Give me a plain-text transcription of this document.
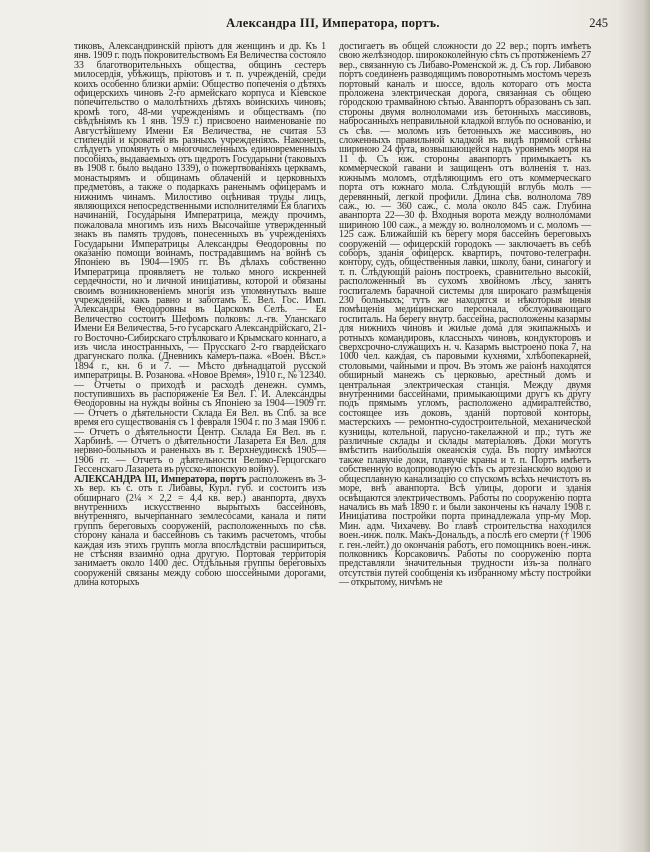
Александра III, Императора, портъ.	245

тиковъ, Александринскій пріютъ для женщинъ и др. Къ 1 янв. 1909 г. подъ покровительствомъ Ея Величества состояло 33 благотворительныхъ общества, общинъ сестеръ милосердія, убѣжищъ, пріютовъ и т. п. учрежденій, среди коихъ особенно близки арміи: Общество попеченія о дѣтяхъ офицерскихъ чиновъ 2-го армейскаго корпуса и Кіевское попечительство о малолѣтнихъ дѣтяхъ воинскихъ чиновъ; кромѣ того, 48-ми учрежденіямъ и обществамъ (по свѣдѣніямъ къ 1 янв. 19.9 г.) присвоено наименованіе по Августѣйшему Имени Ея Величества, не считая 53 стипендій и кроватей въ разныхъ учрежденіяхъ. Наконецъ, слѣдуетъ упомянуть о многочисленныхъ единовременныхъ пособіяхъ, выдаваемыхъ отъ щедротъ Государыни (таковыхъ въ 1908 г. было выдано 1339), о пожертвованіяхъ церквамъ, монастырямъ и общинамъ облаченій и церковныхъ предметовъ, а также о подаркахъ раненымъ офицерамъ и нижнимъ чинамъ. Милостиво оцѣнивая труды лицъ, являющихся непосредственными исполнителями Ея благихъ начинаній, Государыня Императрица, между прочимъ, пожаловала многимъ изъ нихъ Высочайше утвержденный знакъ въ память трудовъ, понесенныхъ въ учрежденіяхъ Государыни Императрицы Александры Ѳеодоровны по оказанію помощи воинамъ, пострадавшимъ на войнѣ съ Японіею въ 1904—1905 гг. Въ дѣлахъ собственно Императрица проявляетъ не только много искренней сердечности, но и личной иниціативы, которой и обязаны своимъ возникновеніемъ многія изъ упомянутыхъ выше учрежденій, какъ равно и заботамъ Е. Вел. Гос. Имп. Александры Ѳеодоровны въ Царскомъ Селѣ. — Ея Величество состоитъ Шефомъ полковъ: л.-гв. Уланскаго Имени Ея Величества, 5-го гусарскаго Александрійскаго, 21-го Восточно-Сибирскаго стрѣлковаго и Крымскаго коннаго, а изъ числа иностранныхъ, — Прусскаго 2-го гвардейскаго драгунскаго полка. (Дневникъ камеръ-пажа. «Воен. Вѣст.» 1894 г., кн. 6 и 7. — Мѣсто двѣнадцатой русской императрицы. В. Розанова. «Новое Время», 1910 г., № 12340. — Отчеты о приходѣ и расходѣ денежн. суммъ, поступившихъ въ распоряженіе Ея Вел. Г. И. Александры Ѳеодоровны на нужды войны съ Японіею за 1904—1909 гг. — Отчетъ о дѣятельности Склада Ея Вел. въ Спб. за все время его существованія съ 1 февраля 1904 г. по 3 мая 1906 г. — Отчетъ о дѣятельности Центр. Склада Ея Вел. въ г. Харбинѣ. — Отчетъ о дѣятельности Лазарета Ея Вел. для нервно-больныхъ и раненыхъ въ г. Верхнеудинскѣ 1905—1906 гг. — Отчетъ о дѣятельности Велико-Герцогскаго Гессенскаго Лазарета въ русско-японскую войну).

АЛЕКСАНДРА III, Императора, портъ расположенъ въ 3-хъ вер. къ с. отъ г. Либавы, Курл. губ. и состоитъ изъ обширнаго (2¼ × 2,2 = 4,4 кв. вер.) аванпорта, двухъ внутреннихъ искусственно вырытыхъ бассейновъ, внутренняго, вычерпаннаго землесосами, канала и пяти группъ береговыхъ сооруженій, расположенныхъ по сѣв. сторону канала и бассейновъ съ такимъ расчетомъ, чтобы каждая изъ этихъ группъ могла впослѣдствіи расшириться, не стѣсняя взаимно одна другую. Портовая территорія занимаетъ около 1400 дес. Отдѣльныя группы береговыхъ сооруженій связаны между собою шоссейными дорогами, длина которыхъ

достигаетъ въ общей сложности до 22 вер.; портъ имѣетъ свою желѣзнодор. ширококолейную сѣть съ протяженіемъ 27 вер., связанную съ Либаво-Роменской ж. д. Съ гор. Либавою портъ соединенъ разводящимъ поворотнымъ мостомъ черезъ портовый каналъ и шоссе, вдоль котораго отъ моста проложена электрическая дорога, связанная съ общею городскою трамвайною сѣтью. Аванпортъ образованъ съ зап. стороны двумя волноломами изъ бетонныхъ массивовъ, набросанныхъ неправильной кладкой вглубь по основанію, и съ сѣв. — моломъ изъ бетонныхъ же массивовъ, но сложенныхъ правильной кладкой въ видѣ прямой стѣны шириною 24 фута, возвышающейся надъ уровнемъ моря на 11 ф. Съ юж. стороны аванпортъ примыкаетъ къ коммерческой гавани и защищенъ отъ волненія т. наз. южнымъ моломъ, отдѣляющимъ его отъ коммерческаго порта отъ южнаго мола. Слѣдующій вглубь молъ — деревянный, легкой профили. Длина сѣв. волнолома 789 саж., ю. — 360 саж., с. мола около 845 саж. Глубина аванпорта 22—30 ф. Входныя ворота между волноломами шириною 100 саж., а между ю. волноломомъ и с. моломъ — 125 саж. Ближайшій къ берегу моря бассейнъ береговыхъ сооруженій — офицерскій городокъ — заключаетъ въ себѣ соборъ, зданія офицерск. квартиръ, почтово-телеграфн. контору, судъ, общественныя лавки, школу, бани, синагогу и т. п. Слѣдующій раіонъ построекъ, сравнительно высокій, расположенный въ сухомъ хвойномъ лѣсу, занятъ госпиталемъ барачной системы для широкаго размѣщенія 230 больныхъ; тутъ же находятся и нѣкоторыя иныя помѣщенія медицинскаго персонала, обслуживающаго госпиталь. На берегу внутр. бассейна, расположены казармы для нижнихъ чиновъ и жилые дома для экипажныхъ и ротныхъ командировъ, классныхъ чиновъ, кондукторовъ и сверхсрочно-служащихъ н. ч. Казармъ выстроено пока 7, на 1000 чел. каждая, съ паровыми кухнями, хлѣбопекарней, столовыми, чайными и проч. Въ этомъ же раіонѣ находятся обширный манежъ съ церковью, арестный домъ и центральная электрическая станція. Между двумя внутренними бассейнами, примыкающими другъ къ другу подъ прямымъ угломъ, расположено адмиралтейство, состоящее изъ доковъ, зданій портовой конторы, мастерскихъ — ремонтно-судостроительной, механической кузницы, котельной, парусно-такелажной и пр.; тутъ же различные склады и склады матеріаловъ. Доки могутъ вмѣстить наибольшія океанскія суда. Въ порту имѣются также плавучіе доки, плавучіе краны и т. п. Портъ имѣетъ собственную водопроводную сѣть съ артезіанскою водою и общесплавную канализацію со спускомъ всѣхъ нечистотъ въ море, внѣ аванпорта. Всѣ улицы, дороги и зданія освѣщаются электричествомъ. Работы по сооруженію порта начались въ маѣ 1890 г. и были закончены къ началу 1908 г. Иниціатива постройки порта принадлежала упр-му Мор. Мин. адм. Чихачеву. Во главѣ строительства находился воен.-инж. полк. Макъ-Дональдъ, а послѣ его смерти († 1906 г. ген.-лейт.) до окончанія работъ, его помощникъ воен.-инж. полковникъ Корсаковичъ. Работы по сооруженію порта представляли значительныя трудности изъ-за полнаго отсутствія путей сообщенія къ избранному мѣсту постройки — открытому, ничѣмъ не
